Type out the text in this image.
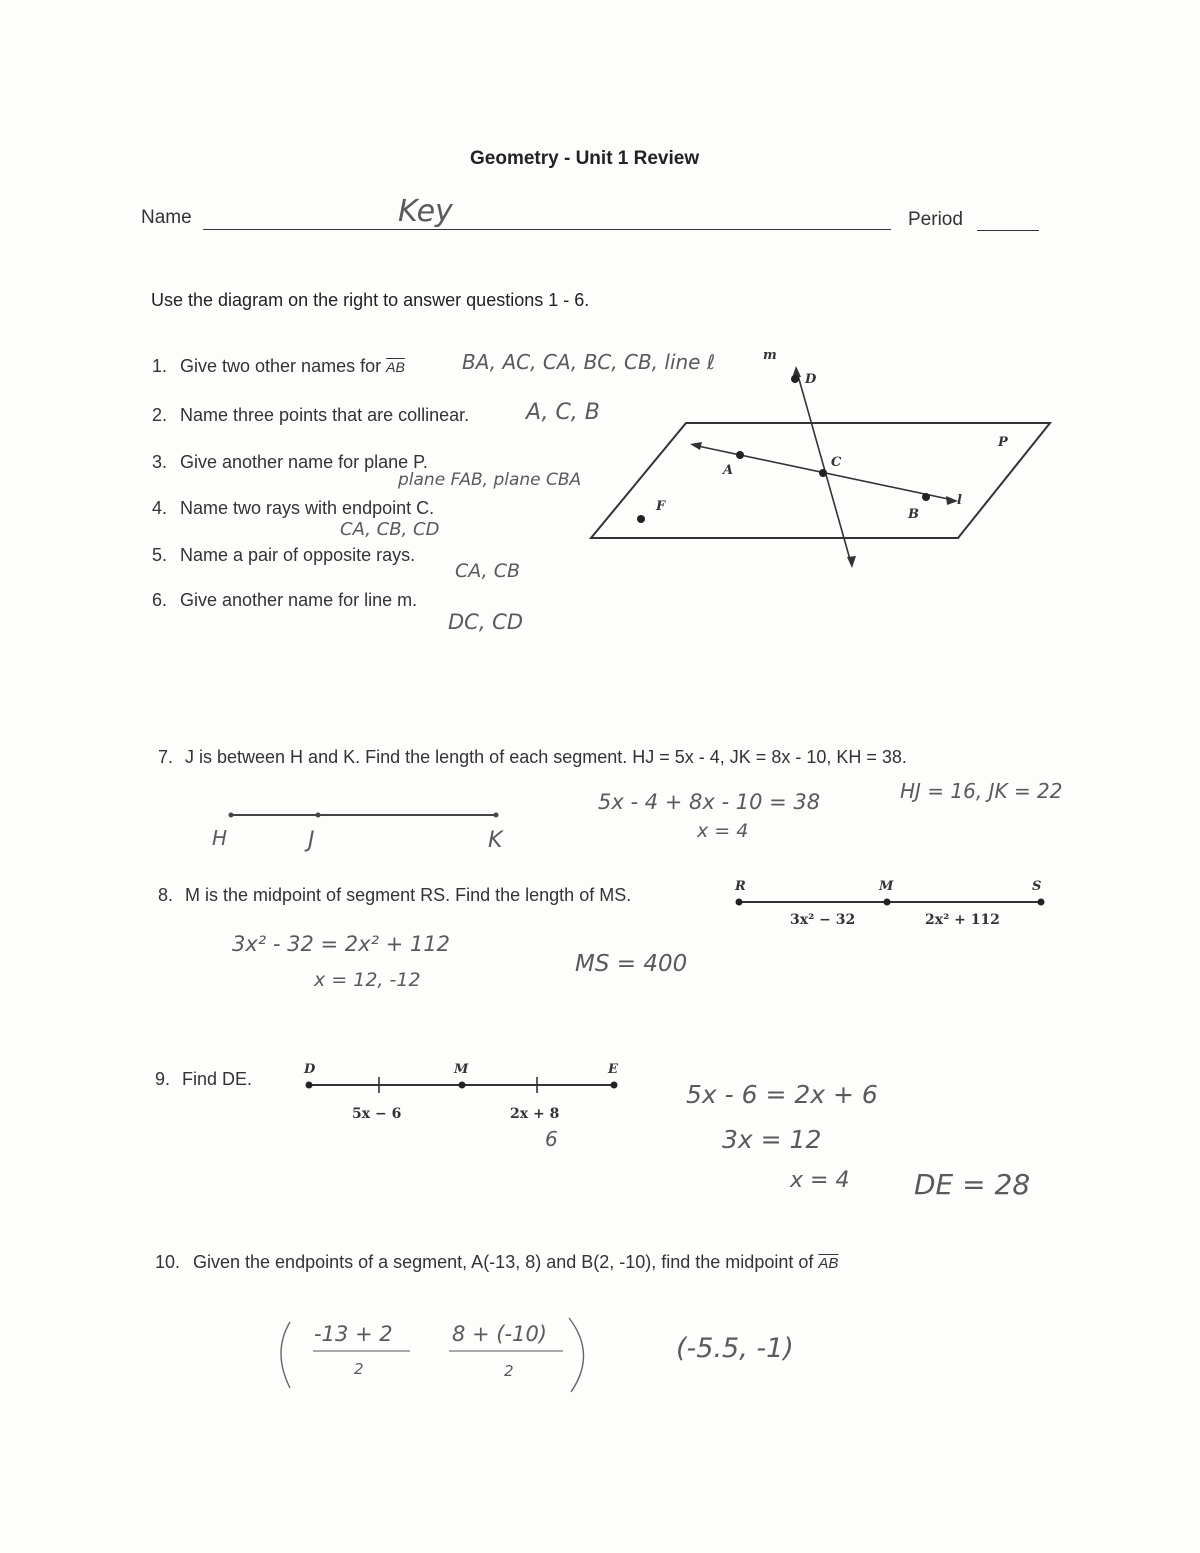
Geometry - Unit 1 Review
Name	Key	Period
Use the diagram on the right to answer questions 1 - 6.
1. Give two other names for $\overline{AB}$	BA, AC, CA, BC, CB, line ℓ
2. Name three points that are collinear.	A, C, B
3. Give another name for plane P.
plane FAB, plane CBA
4. Name two rays with endpoint C.
CA, CB, CD
5. Name a pair of opposite rays.
CA, CB
6. Give another name for line m.
DC, CD
m
D
C
A
P
F
B
l
R	M	S
3x² − 32	2x² + 112
D	M	E
5x − 6	2x + 8
7. J is between H and K. Find the length of each segment. HJ = 5x - 4, JK = 8x - 10, KH = 38.
H	J	K
5x - 4 + 8x - 10 = 38
x = 4
HJ = 16, JK = 22
8. M is the midpoint of segment RS. Find the length of MS.
3x² - 32 = 2x² + 112
x = 12, -12
MS = 400
9. Find DE.
6
5x - 6 = 2x + 6
3x = 12
x = 4 DE = 28
10. Given the endpoints of a segment, A(-13, 8) and B(2, -10), find the midpoint of $\overline{AB}$
-13 + 2
2
8 + (-10)
2
(-5.5, -1)
